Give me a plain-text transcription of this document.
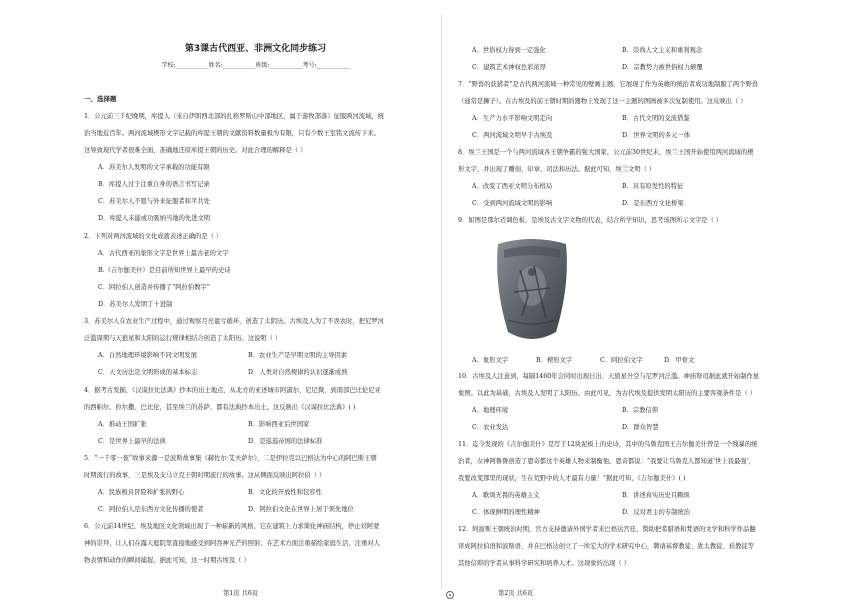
第3课古代西亚、非洲文化同步练习
学校:___________姓名:___________班级:___________考号:___________
一、选择题
1．公元前三千纪晚期，库提人（来自伊朗西北部的扎格罗斯山中部地区，属于游牧部落）征服两河流域，统
治当地近百年。两河流域楔形文字记载的库提王朝的文献资料数量极为有限，只有少数王室铭文流传下来。
这导致现代学者很难全面、准确地还原库提王朝的历史。对此合理的解释是（ ）
A．苏美尔人发明的文字承载的功能有限
B．库提人过于注重自身的语言书写记录
C．苏美尔人不愿与外来征服者和平共处
D．库提人未能成功吸纳当地的先进文明
2．下列对两河流域的文化成就表述正确的是（ ）
A．古代西亚的象形文字是世界上最古老的文字
B.《吉尔伽美什》是目前所知世界上最早的史诗
C．阿拉伯人创造并传播了“阿拉伯数字”
D．苏美尔人发明了十进制
3．苏美尔人在农业生产过程中，通过观察月亮盈亏循环，创造了太阴历。古埃及人为了不误农时，把尼罗河
泛滥周期与天狼星和太阳的运行规律相结合创造了太阳历。这说明（ ）
A．自然地理环境影响不同文明发展	B．农业生产是早期文明的主导因素
C．天文历法是文明形成的基本标志	D．人类对自然规律的认识逐渐成熟
4．据考古发掘，《汉谟拉比法典》抄本的出土地点，从北方的亚述城市阿淑尔、尼尼微，到南部巴比伦尼亚
的西帕尔、拉尔撒、巴比伦，甚至埃兰的苏萨，都有法典抄本出土。这反映出《汉谟拉比法典》( )
A．推动王国扩张	B．影响西亚后世国家
C．是世界上最早的法典	D．是巡巡帝国的法律标准
5．“一千零一夜”故事来源一是波斯故事集《赫佐尔·艾夫萨尔》，二是伊拉克以巴格达为中心的阿巴斯王朝
时期流行的故事，三是埃及支马立克王朝时期流行的故事。这从侧面反映出阿拉伯（ ）
A．民族极具冒险和扩张的野心	B．文化的开放性和包容性
C．阿拉伯人是东西方文化传播的使者	D．阿拉伯文化在世界上居于领先地位
6．公元前14世纪，埃及地区文化领域出现了一种崭新的风格，它在建筑上力求简化神庙结构，停止对阿蒙
神的崇拜，让人们在露天庭院里直接地感受到阿吞神光芒的照射；在艺术方面注重描绘家庭生活，注重对人
物表情和动作的瞬间捕捉。据此可知，这一时期古埃及（ ）
第1页 共6页
A．世俗权力得到一定强化	B．崇尚人文主义和重利观念
C．建筑艺术神权色彩浓厚	D．宗教势力被世俗权力颠覆
7．“野兽的获猎者”是古代两河流域一种常见的壁画主题，它展现了作为英雄的统治者成功地制服了两个野兽
（通常是狮子）。在古埃及的前王朝时期的器物上发现了这一主题的图画被多次复制使用。这反映出（ ）
A．生产力水平影响文明走向	B．古代文明的交流借鉴
C．两河流域文明早于古埃及	D．世界文明的多元一体
8．埃兰王国是一个与两河流域各王朝争霸的强大国家，公元前30世纪末，埃兰王国开始使用两河流域的楔
形文字，并出现了雕刻、印章、司法和历法。据此可知，埃兰文明（ ）
A．改变了西亚文明分布格局	B．具有原发性的特征
C．受到两河流域文明的影响	D．是东西方文化桥梁
9．如图是那尔迈调色板，是埃及古文字文物的代表，结合所学知识，思考该图所示文字是（ ）
A．象形文字	B．楔形文字	C．阿拉伯文字	D．甲骨文
10．古埃及人注意到，每隔1460年会同时出现日出、天狼星升空与尼罗河泛滥。神庙祭司据此就开始制作星
象图。以此为基础，古埃及人发明了太阳历。由此可见，为古代埃及提供发明太阳历的主要客观条件是（ ）
A．地理环境	B．宗教信仰
C．农业发达	D．群众智慧
11．迄今发现的《吉尔伽美什》是写于12块泥板上的史诗，其中的乌鲁克国王吉尔伽美什曾是一个残暴的统
治者，女神阿鲁鲁创造了恩奇都这个英雄人物来制衡他。恩奇都说：“我要让乌鲁克人都知道‘世上我最强’，
我要改变那里的现状，生在荒野中的人才最有力量！”据此可知，《吉尔伽美什》( )
A．歌颂无畏的英雄主义	B．讲述真实历史且赖颂
C．体现鲜明的理性精神	D．反对君主的专制统治
12．阿拔斯王朝统治时期，官方支持邀请外国学者来巴格达宫廷，赞助把希腊语和梵语的文学和科学作品翻
译成阿拉伯语和波斯语，并在巴格达创立了一所宏大的学术研究中心，聘请基督教徒、犹太教徒、袄教徒等
其他信仰的学者从事科学研究和培养人才。这现象的出现（ ）
第2页 共6页
